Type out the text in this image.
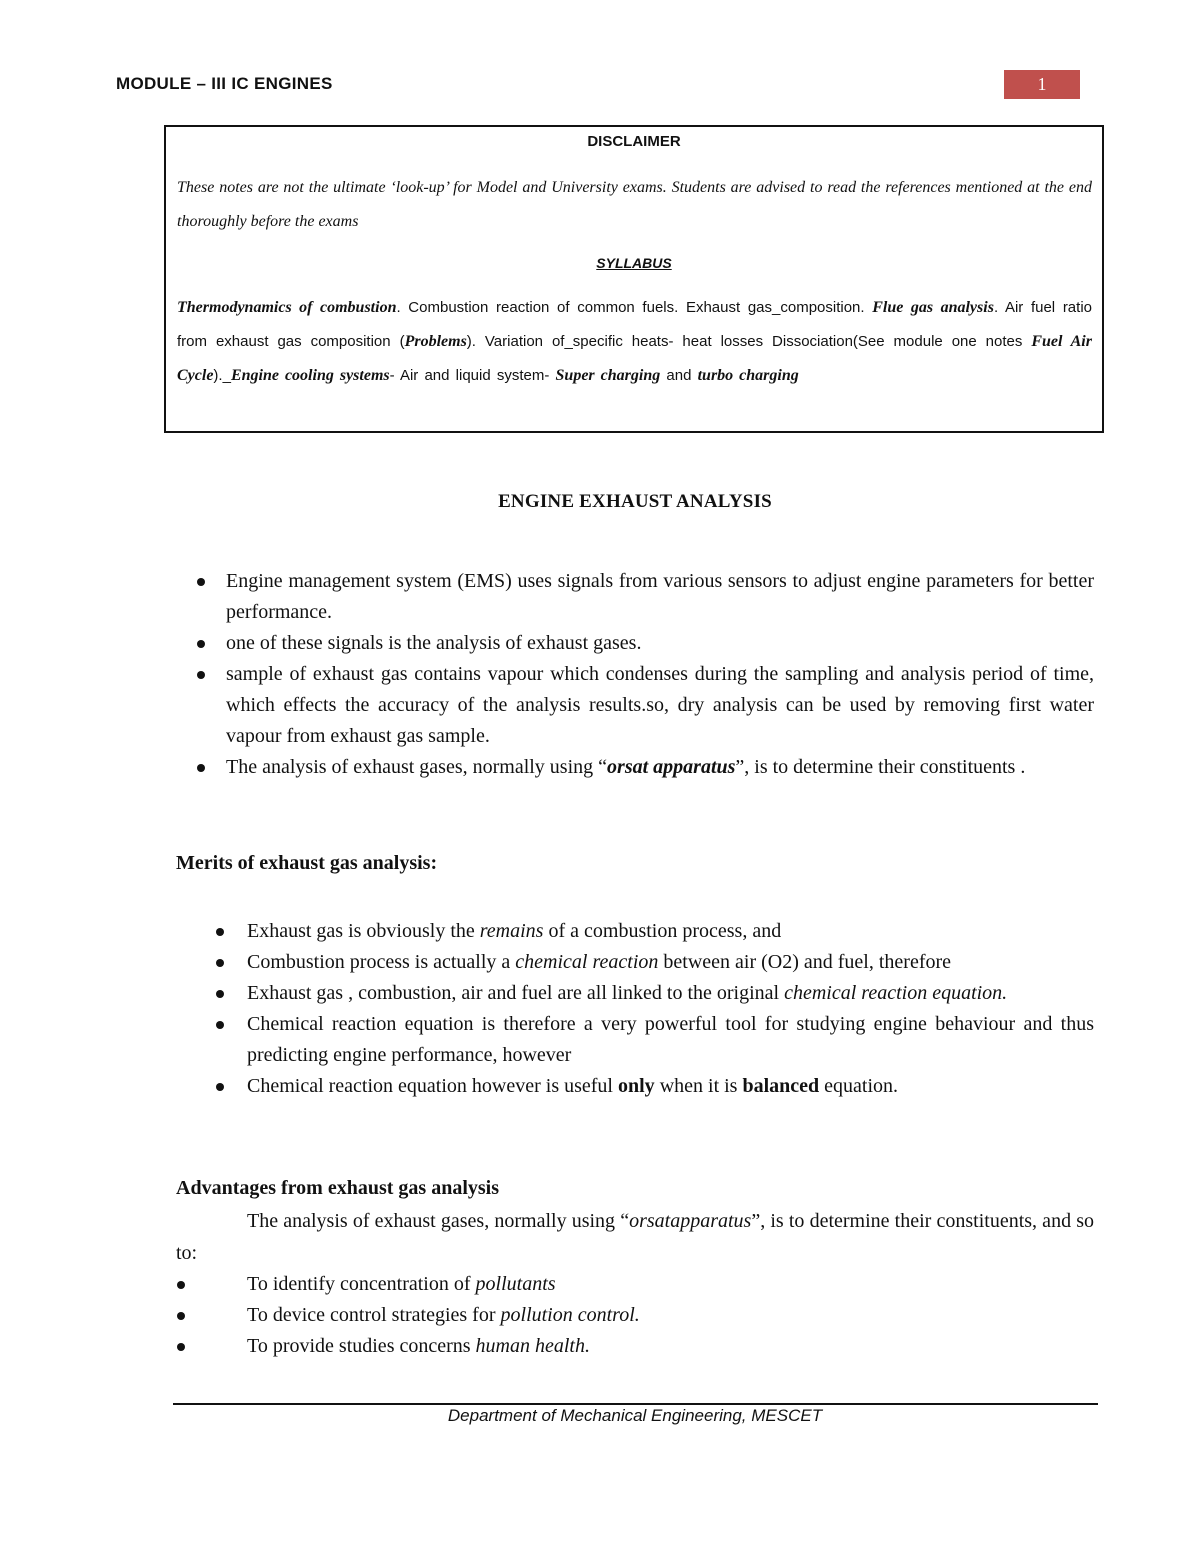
MODULE – III IC ENGINES	1
DISCLAIMER
These notes are not the ultimate ‘look-up’ for Model and University exams. Students are advised to read the references mentioned at the end thoroughly before the exams
SYLLABUS
Thermodynamics of combustion. Combustion reaction of common fuels. Exhaust gas_composition. Flue gas analysis. Air fuel ratio from exhaust gas composition (Problems). Variation of_specific heats- heat losses Dissociation(See module one notes Fuel Air Cycle)._Engine cooling systems- Air and liquid system- Super charging and turbo charging
ENGINE EXHAUST ANALYSIS
Engine management system (EMS) uses signals from various sensors to adjust engine parameters for better performance.
one of these signals is the analysis of exhaust gases.
sample of exhaust gas contains vapour which condenses during the sampling and analysis period of time, which effects the accuracy of the analysis results.so, dry analysis can be used by removing first water vapour from exhaust gas sample.
The analysis of exhaust gases, normally using “orsat apparatus”, is to determine their constituents .
Merits of exhaust gas analysis:
Exhaust gas is obviously the remains of a combustion process, and
Combustion process is actually a chemical reaction between air (O2) and fuel, therefore
Exhaust gas , combustion, air and fuel are all linked to the original chemical reaction equation.
Chemical reaction equation is therefore a very powerful tool for studying engine behaviour and thus predicting engine performance, however
Chemical reaction equation however is useful only when it is balanced equation.
Advantages from exhaust gas analysis
The analysis of exhaust gases, normally using “orsatapparatus”, is to determine their constituents, and so to:
To identify concentration of pollutants
To device control strategies for pollution control.
To provide studies concerns human health.
Department of Mechanical Engineering, MESCET
